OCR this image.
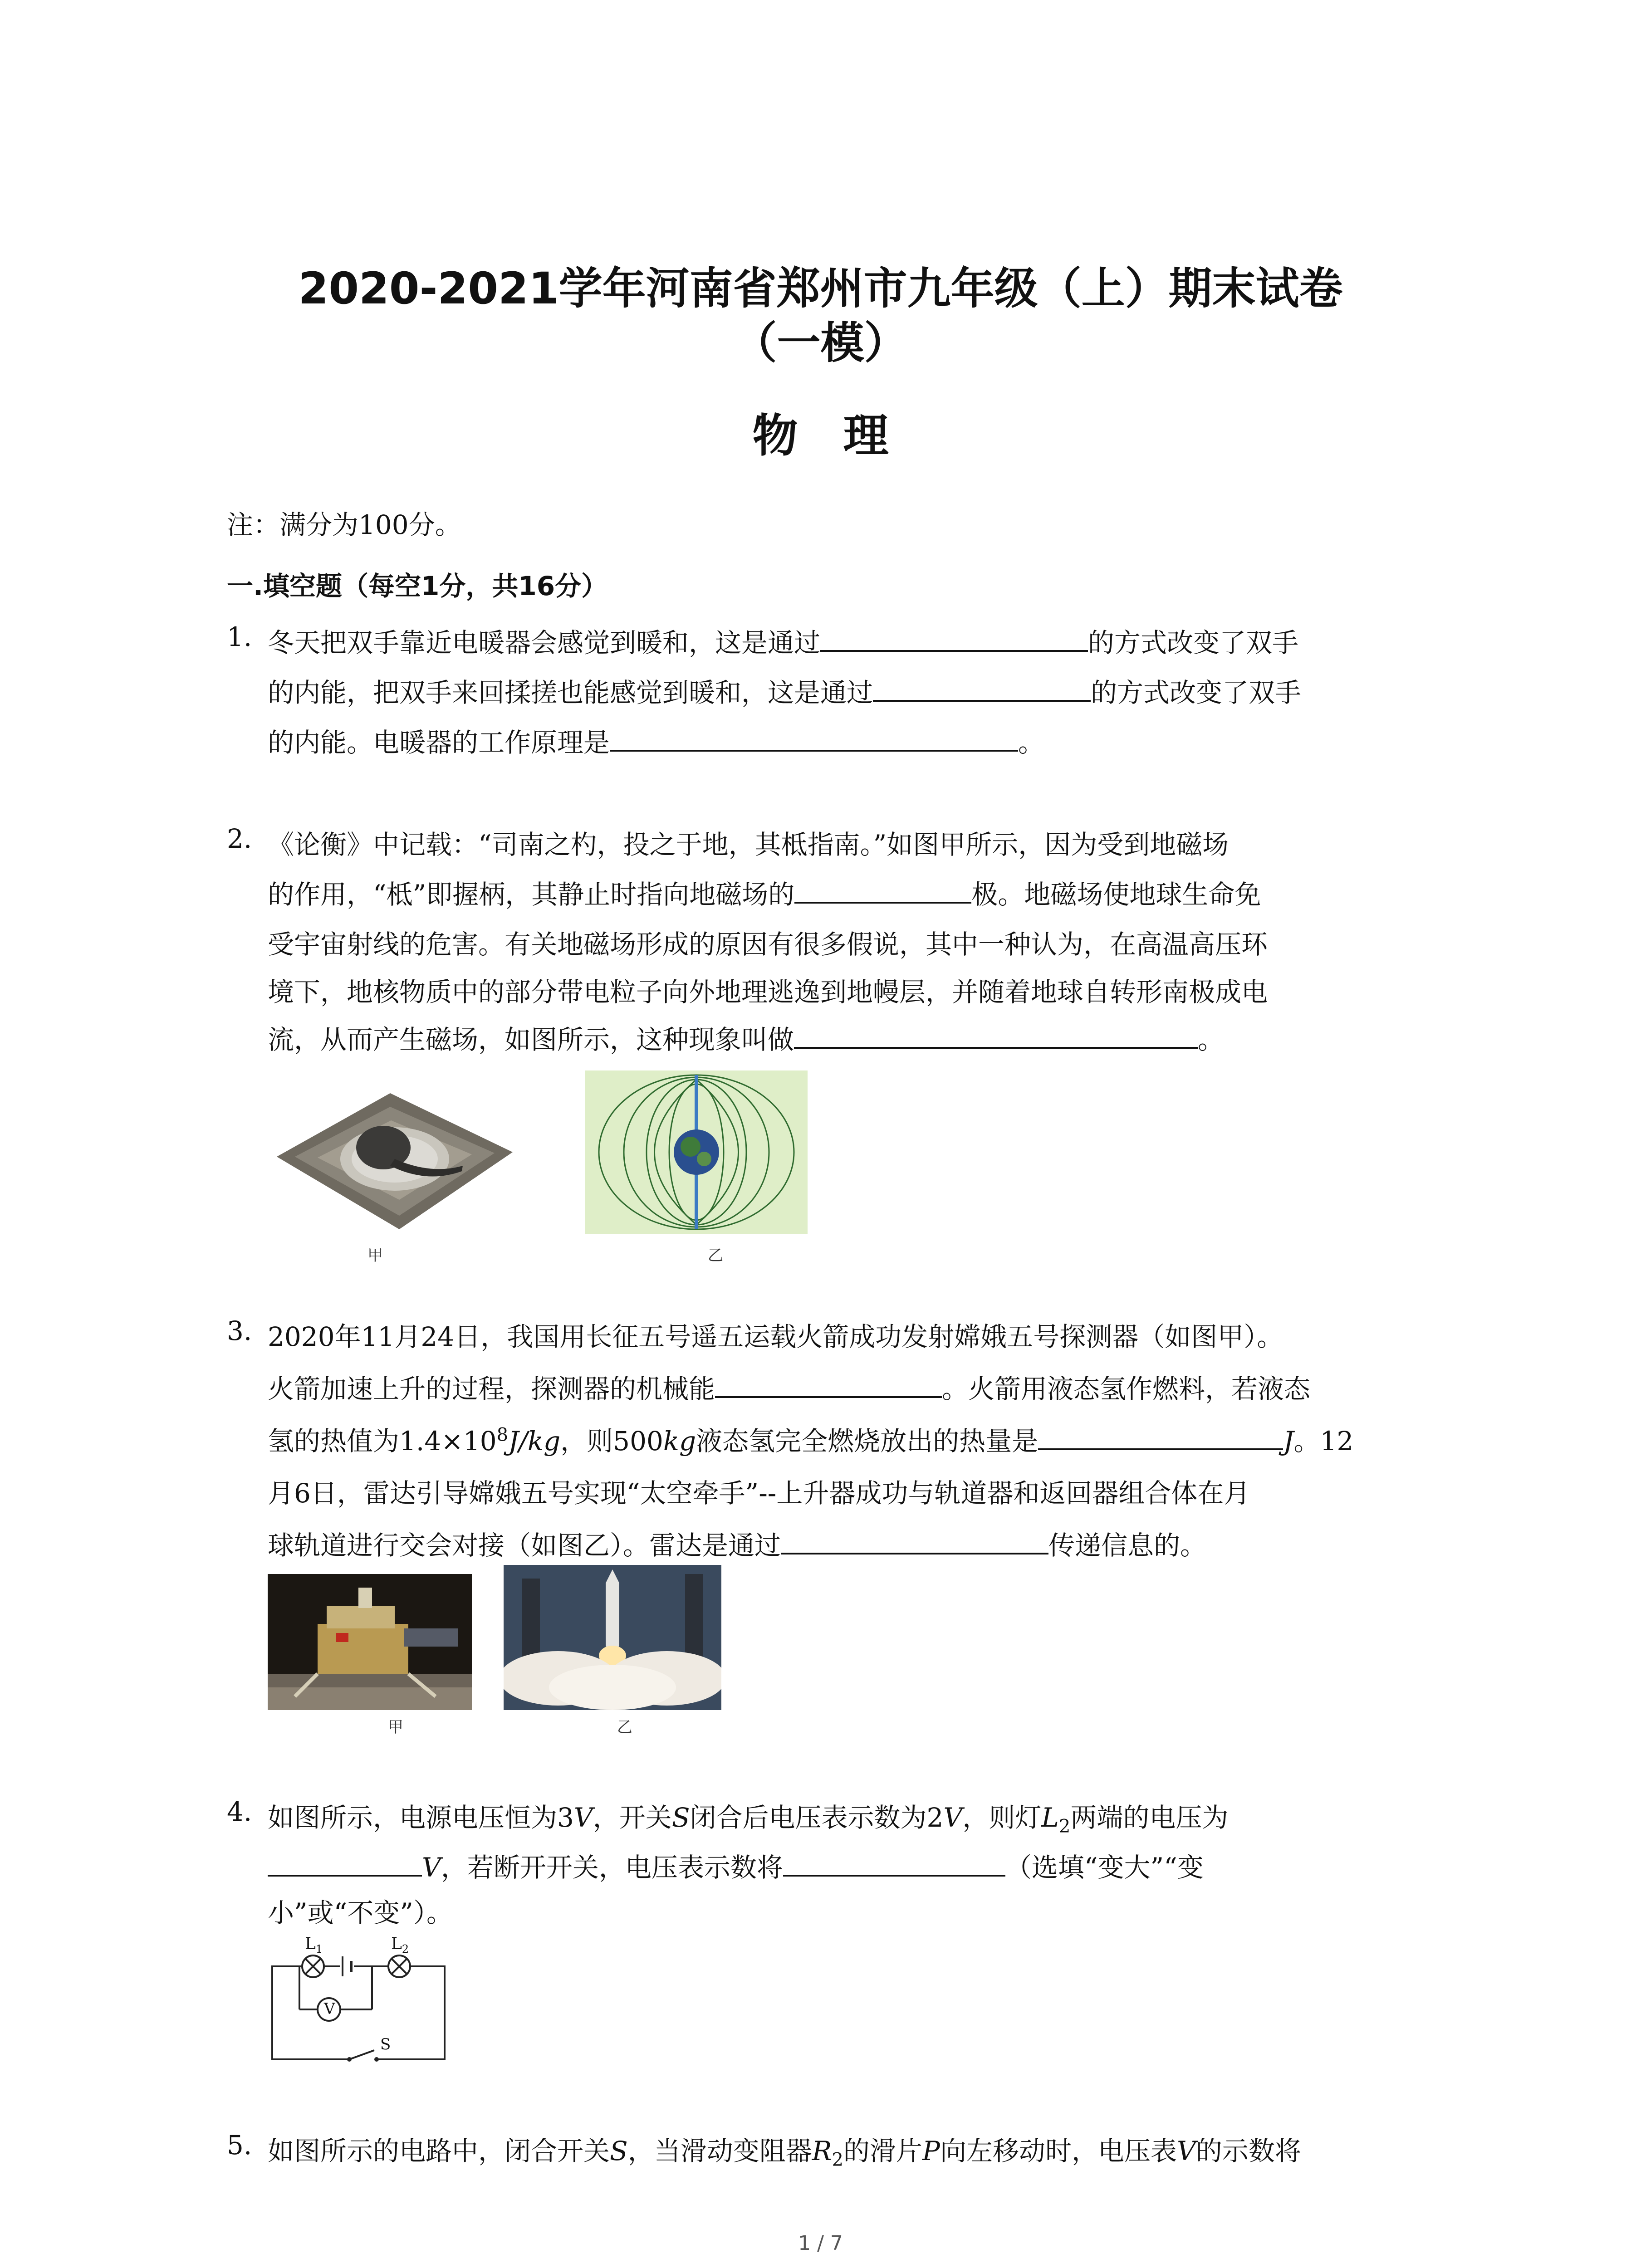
2020-2021学年河南省郑州市九年级（上）期末试卷
（一模）
物　理
注：满分为100分。
一.填空题（每空1分，共16分）
1. 冬天把双手靠近电暖器会感觉到暖和，这是通过	的方式改变了双手
的内能，把双手来回揉搓也能感觉到暖和，这是通过	的方式改变了双手
的内能。电暖器的工作原理是	。
2. 《论衡》中记载：“司南之杓，投之于地，其柢指南。”如图甲所示，因为受到地磁场
的作用，“柢”即握柄，其静止时指向地磁场的	极。地磁场使地球生命免
受宇宙射线的危害。有关地磁场形成的原因有很多假说，其中一种认为，在高温高压环
境下，地核物质中的部分带电粒子向外地理逃逸到地幔层，并随着地球自转形南极成电
流，从而产生磁场，如图所示，这种现象叫做	。
甲	乙
3. 2020年11月24日，我国用长征五号遥五运载火箭成功发射嫦娥五号探测器（如图甲）。
火箭加速上升的过程，探测器的机械能	。火箭用液态氢作燃料，若液态
氢的热值为$1.4\times 10^8J/kg$，则500kg液态氢完全燃烧放出的热量是	J。12
月6日，雷达引导嫦娥五号实现“太空牵手”--上升器成功与轨道器和返回器组合体在月
球轨道进行交会对接（如图乙）。雷达是通过	传递信息的。
甲	乙
4. 如图所示，电源电压恒为3V，开关S闭合后电压表示数为2V，则灯$L_2$两端的电压为
V，若断开开关，电压表示数将	（选填“变大”“变
小”或“不变”）。
$L_1$	$L_2$
V
S
5. 如图所示的电路中，闭合开关S，当滑动变阻器$R_2$的滑片P向左移动时，电压表V的示数将
1 / 7
